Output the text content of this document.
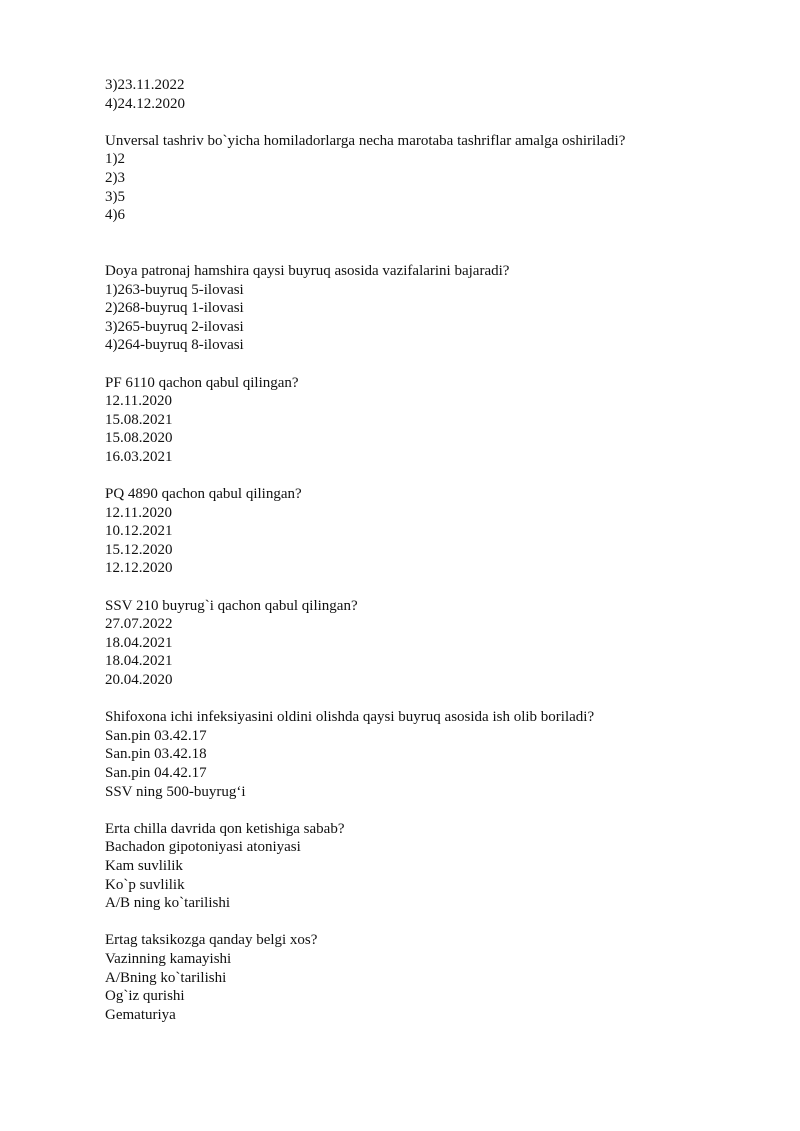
3)23.11.2022
4)24.12.2020
Unversal tashriv bo`yicha homiladorlarga necha marotaba tashriflar amalga oshiriladi?
1)2
2)3
3)5
4)6
Doya patronaj hamshira qaysi buyruq asosida vazifalarini bajaradi?
1)263-buyruq 5-ilovasi
2)268-buyruq 1-ilovasi
3)265-buyruq 2-ilovasi
4)264-buyruq 8-ilovasi
PF 6110 qachon qabul qilingan?
12.11.2020
15.08.2021
15.08.2020
16.03.2021
PQ 4890 qachon qabul qilingan?
12.11.2020
10.12.2021
15.12.2020
12.12.2020
SSV 210 buyrug`i qachon qabul qilingan?
27.07.2022
18.04.2021
18.04.2021
20.04.2020
Shifoxona ichi infeksiyasini oldini olishda qaysi buyruq asosida ish olib boriladi?
San.pin 03.42.17
San.pin 03.42.18
San.pin 04.42.17
SSV ning 500-buyrug‘i
Erta chilla davrida qon ketishiga sabab?
Bachadon gipotoniyasi atoniyasi
Kam suvlilik
Ko`p suvlilik
A/B ning ko`tarilishi
Ertag taksikozga qanday belgi xos?
Vazinning kamayishi
A/Bning ko`tarilishi
Og`iz qurishi
Gematuriya
